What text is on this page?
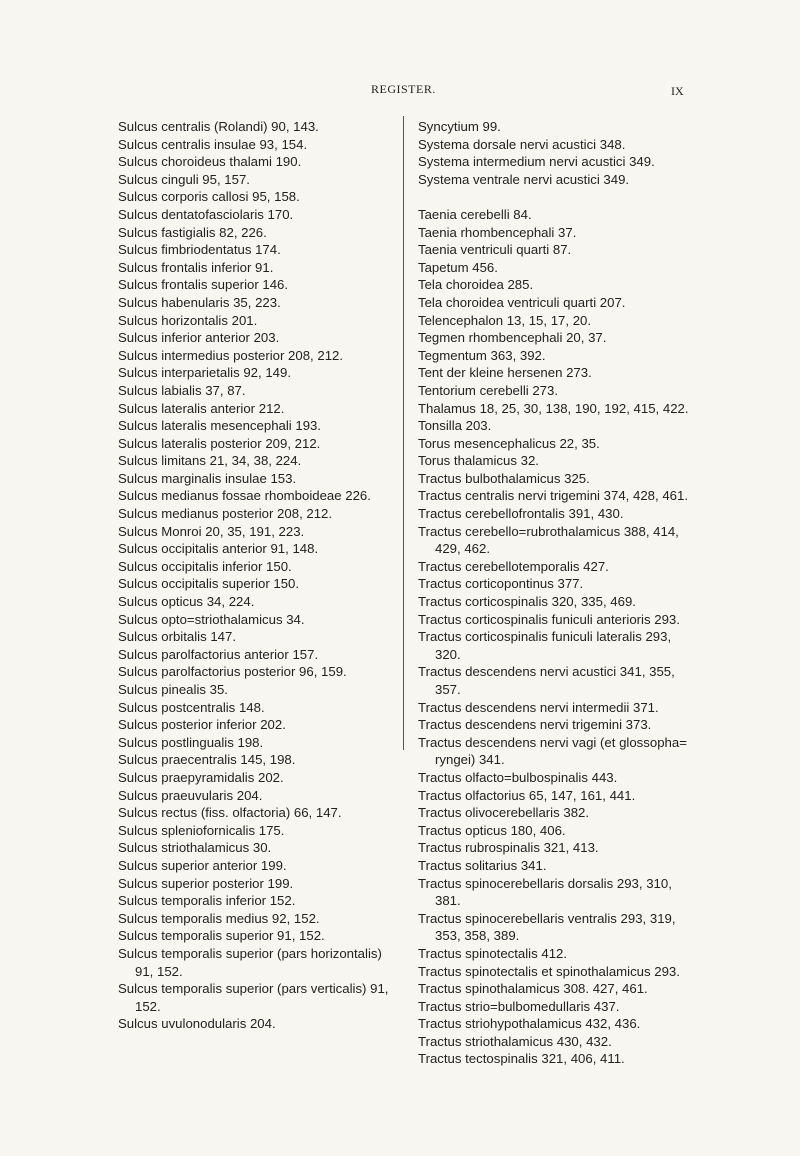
REGISTER.	IX
Sulcus centralis (Rolandi) 90, 143.
Sulcus centralis insulae 93, 154.
Sulcus choroideus thalami 190.
Sulcus cinguli 95, 157.
Sulcus corporis callosi 95, 158.
Sulcus dentatofasciolaris 170.
Sulcus fastigialis 82, 226.
Sulcus fimbriodentatus 174.
Sulcus frontalis inferior 91.
Sulcus frontalis superior 146.
Sulcus habenularis 35, 223.
Sulcus horizontalis 201.
Sulcus inferior anterior 203.
Sulcus intermedius posterior 208, 212.
Sulcus interparietalis 92, 149.
Sulcus labialis 37, 87.
Sulcus lateralis anterior 212.
Sulcus lateralis mesencephali 193.
Sulcus lateralis posterior 209, 212.
Sulcus limitans 21, 34, 38, 224.
Sulcus marginalis insulae 153.
Sulcus medianus fossae rhomboideae 226.
Sulcus medianus posterior 208, 212.
Sulcus Monroi 20, 35, 191, 223.
Sulcus occipitalis anterior 91, 148.
Sulcus occipitalis inferior 150.
Sulcus occipitalis superior 150.
Sulcus opticus 34, 224.
Sulcus opto=striothalamicus 34.
Sulcus orbitalis 147.
Sulcus parolfactorius anterior 157.
Sulcus parolfactorius posterior 96, 159.
Sulcus pinealis 35.
Sulcus postcentralis 148.
Sulcus posterior inferior 202.
Sulcus postlingualis 198.
Sulcus praecentralis 145, 198.
Sulcus praepyramidalis 202.
Sulcus praeuvularis 204.
Sulcus rectus (fiss. olfactoria) 66, 147.
Sulcus spleniofornicalis 175.
Sulcus striothalamicus 30.
Sulcus superior anterior 199.
Sulcus superior posterior 199.
Sulcus temporalis inferior 152.
Sulcus temporalis medius 92, 152.
Sulcus temporalis superior 91, 152.
Sulcus temporalis superior (pars horizontalis) 91, 152.
Sulcus temporalis superior (pars verticalis) 91, 152.
Sulcus uvulonodularis 204.
Syncytium 99.
Systema dorsale nervi acustici 348.
Systema intermedium nervi acustici 349.
Systema ventrale nervi acustici 349.
Taenia cerebelli 84.
Taenia rhombencephali 37.
Taenia ventriculi quarti 87.
Tapetum 456.
Tela choroidea 285.
Tela choroidea ventriculi quarti 207.
Telencephalon 13, 15, 17, 20.
Tegmen rhombencephali 20, 37.
Tegmentum 363, 392.
Tent der kleine hersenen 273.
Tentorium cerebelli 273.
Thalamus 18, 25, 30, 138, 190, 192, 415, 422.
Tonsilla 203.
Torus mesencephalicus 22, 35.
Torus thalamicus 32.
Tractus bulbothalamicus 325.
Tractus centralis nervi trigemini 374, 428, 461.
Tractus cerebellofrontalis 391, 430.
Tractus cerebello=rubrothalamicus 388, 414, 429, 462.
Tractus cerebellotemporalis 427.
Tractus corticopontinus 377.
Tractus corticospinalis 320, 335, 469.
Tractus corticospinalis funiculi anterioris 293.
Tractus corticospinalis funiculi lateralis 293, 320.
Tractus descendens nervi acustici 341, 355, 357.
Tractus descendens nervi intermedii 371.
Tractus descendens nervi trigemini 373.
Tractus descendens nervi vagi (et glossopha= ryngei) 341.
Tractus olfacto=bulbospinalis 443.
Tractus olfactorius 65, 147, 161, 441.
Tractus olivocerebellaris 382.
Tractus opticus 180, 406.
Tractus rubrospinalis 321, 413.
Tractus solitarius 341.
Tractus spinocerebellaris dorsalis 293, 310, 381.
Tractus spinocerebellaris ventralis 293, 319, 353, 358, 389.
Tractus spinotectalis 412.
Tractus spinotectalis et spinothalamicus 293.
Tractus spinothalamicus 308. 427, 461.
Tractus strio=bulbomedullaris 437.
Tractus striohypothalamicus 432, 436.
Tractus striothalamicus 430, 432.
Tractus tectospinalis 321, 406, 411.
